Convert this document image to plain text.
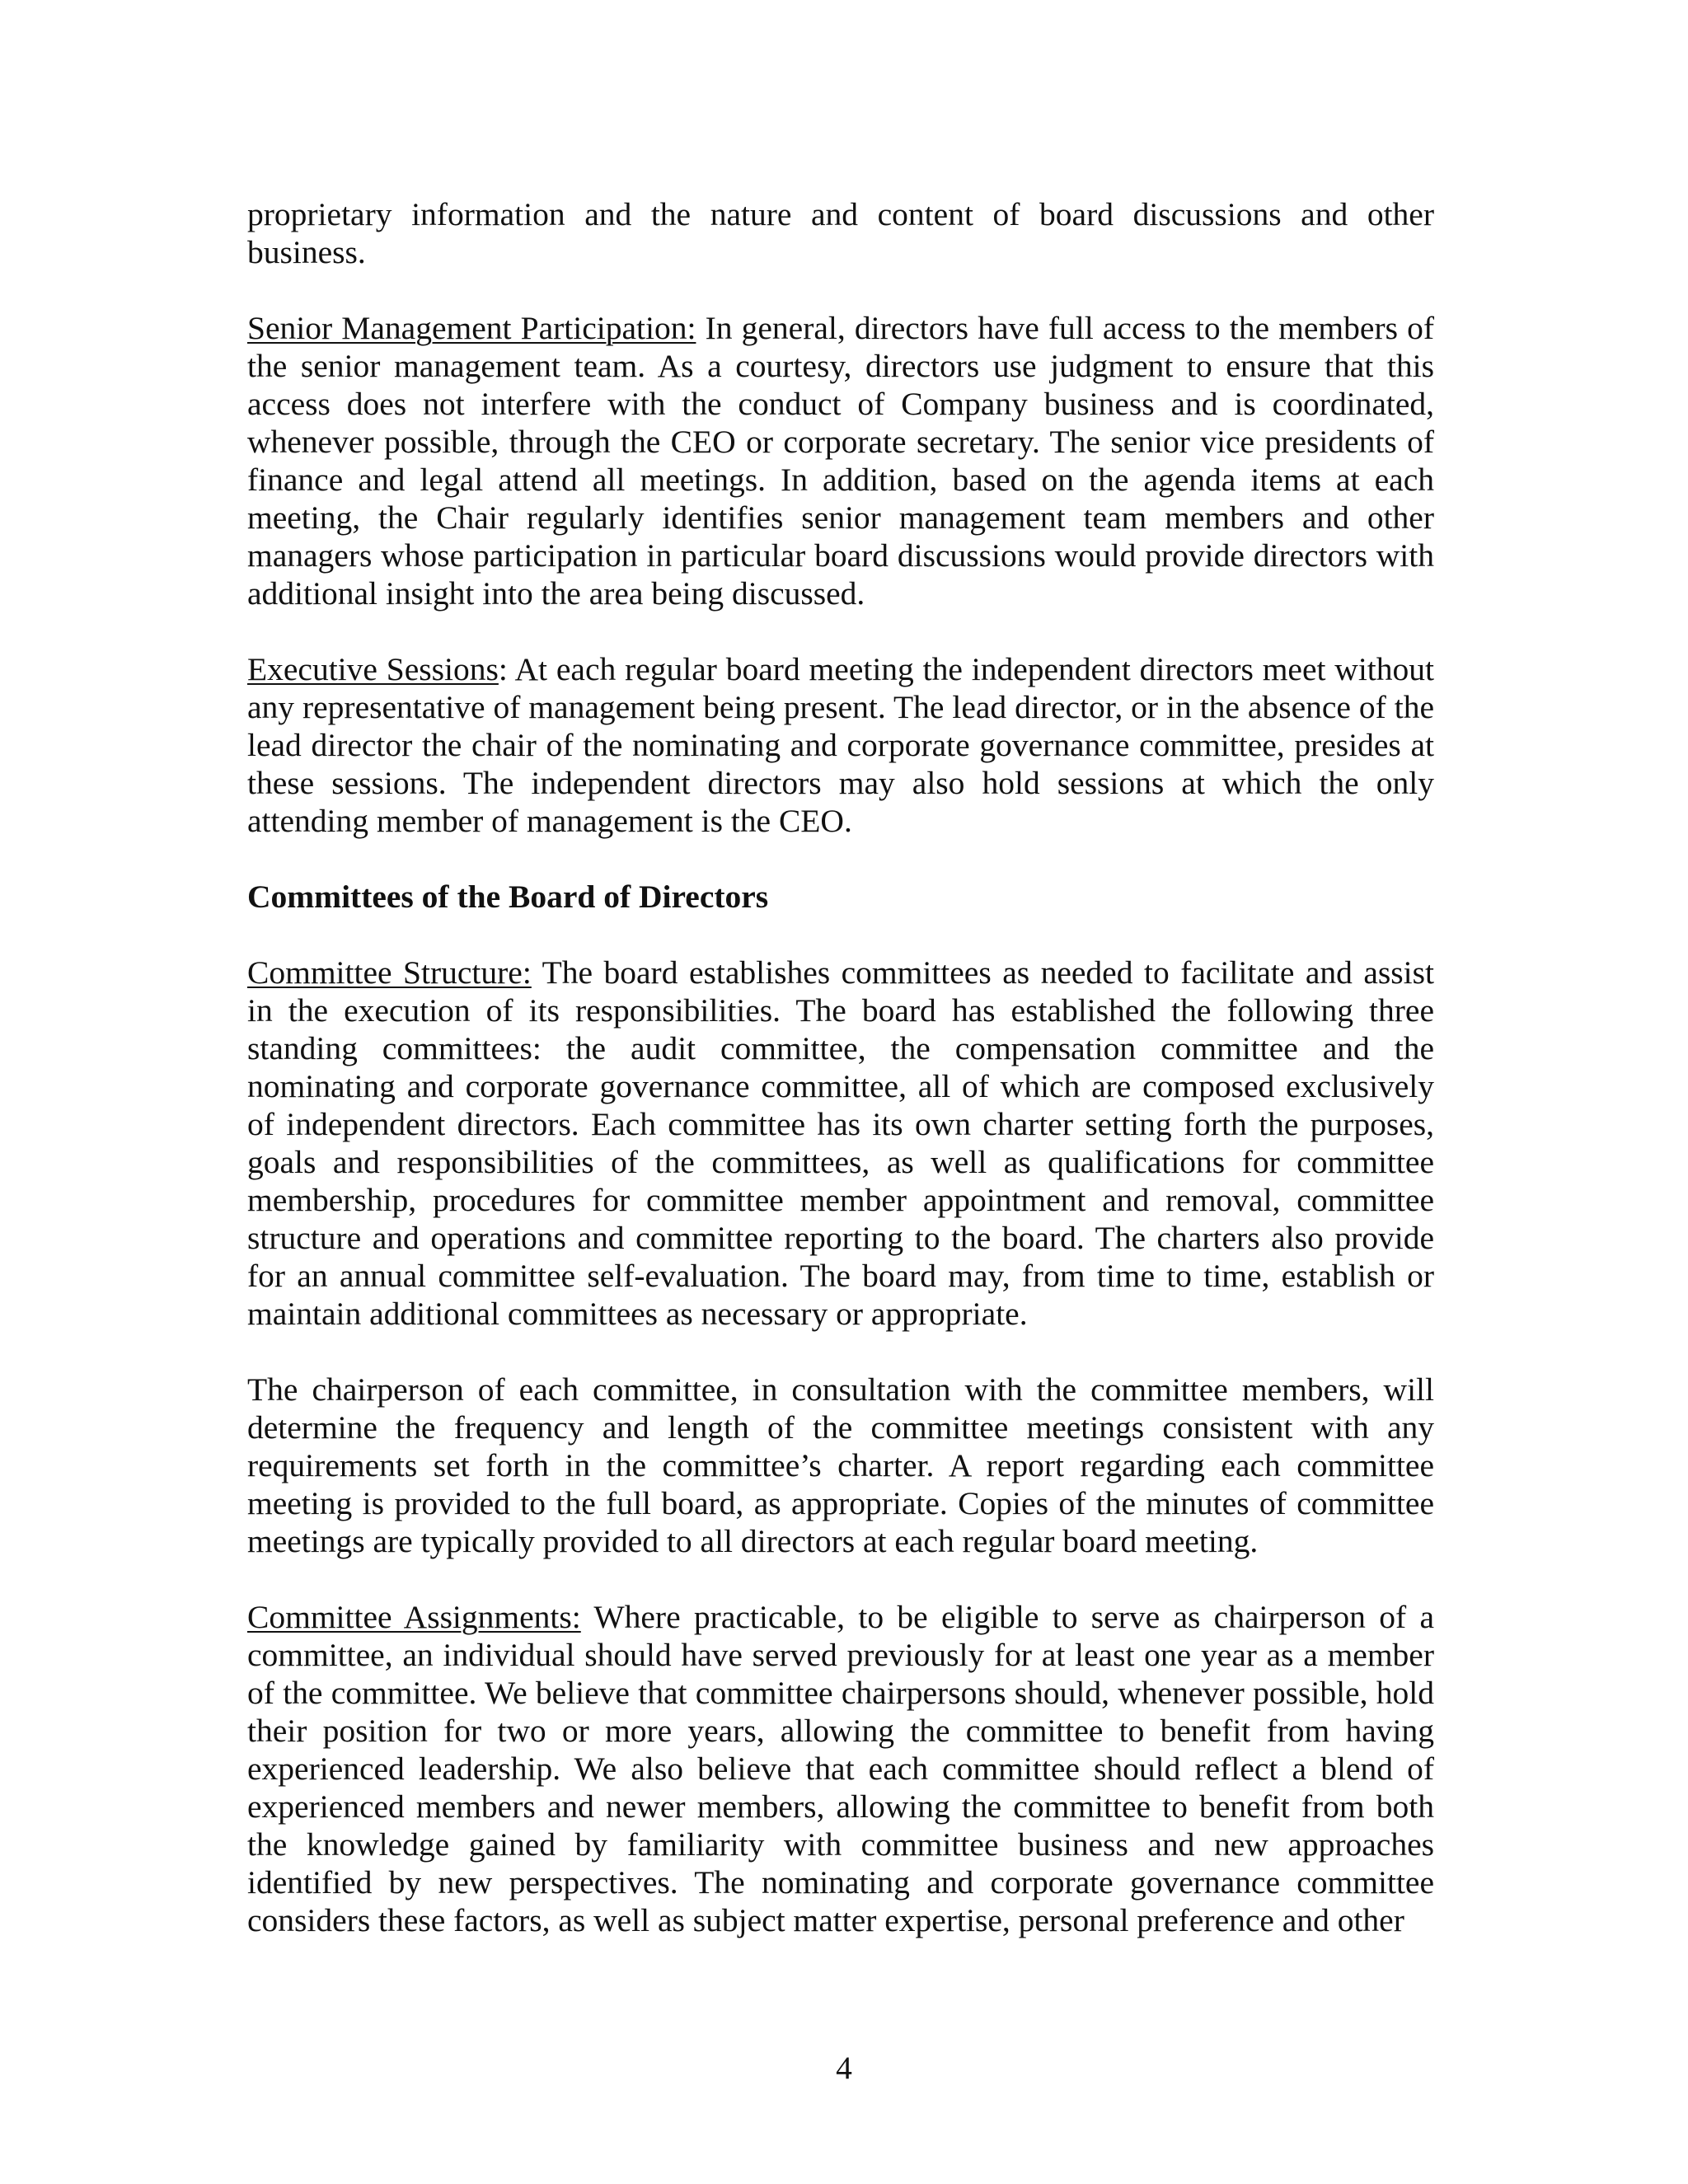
proprietary information and the nature and content of board discussions and other business.

Senior Management Participation: In general, directors have full access to the members of the senior management team. As a courtesy, directors use judgment to ensure that this access does not interfere with the conduct of Company business and is coordinated, whenever possible, through the CEO or corporate secretary. The senior vice presidents of finance and legal attend all meetings. In addition, based on the agenda items at each meeting, the Chair regularly identifies senior management team members and other managers whose participation in particular board discussions would provide directors with additional insight into the area being discussed.

Executive Sessions: At each regular board meeting the independent directors meet without any representative of management being present. The lead director, or in the absence of the lead director the chair of the nominating and corporate governance committee, presides at these sessions. The independent directors may also hold sessions at which the only attending member of management is the CEO.

Committees of the Board of Directors

Committee Structure: The board establishes committees as needed to facilitate and assist in the execution of its responsibilities. The board has established the following three standing committees: the audit committee, the compensation committee and the nominating and corporate governance committee, all of which are composed exclusively of independent directors. Each committee has its own charter setting forth the purposes, goals and responsibilities of the committees, as well as qualifications for committee membership, procedures for committee member appointment and removal, committee structure and operations and committee reporting to the board. The charters also provide for an annual committee self-evaluation. The board may, from time to time, establish or maintain additional committees as necessary or appropriate.

The chairperson of each committee, in consultation with the committee members, will determine the frequency and length of the committee meetings consistent with any requirements set forth in the committee’s charter. A report regarding each committee meeting is provided to the full board, as appropriate. Copies of the minutes of committee meetings are typically provided to all directors at each regular board meeting.

Committee Assignments: Where practicable, to be eligible to serve as chairperson of a committee, an individual should have served previously for at least one year as a member of the committee. We believe that committee chairpersons should, whenever possible, hold their position for two or more years, allowing the committee to benefit from having experienced leadership. We also believe that each committee should reflect a blend of experienced members and newer members, allowing the committee to benefit from both the knowledge gained by familiarity with committee business and new approaches identified by new perspectives. The nominating and corporate governance committee considers these factors, as well as subject matter expertise, personal preference and other

4
